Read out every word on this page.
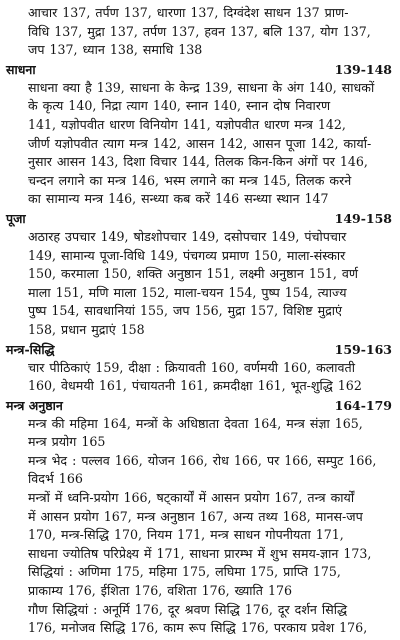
आचार 137, तर्पण 137, धारणा 137, दिग्वंदेश साधन 137 प्राण-
विधि 137, मुद्रा 137, तर्पण 137, हवन 137, बलि 137, योग 137,
जप 137, ध्यान 138, समाधि 138
साधना	139-148
साधना क्या है 139, साधना के केन्द्र 139, साधना के अंग 140, साधकों
के कृत्य 140, निद्रा त्याग 140, स्नान 140, स्नान दोष निवारण
141, यज्ञोपवीत धारण विनियोग 141, यज्ञोपवीत धारण मन्त्र 142,
जीर्ण यज्ञोपवीत त्याग मन्त्र 142, आसन 142, आसन पूजा 142, कार्या-
नुसार आसन 143, दिशा विचार 144, तिलक किन-किन अंगों पर 146,
चन्दन लगाने का मन्त्र 146, भस्म लगाने का मन्त्र 145, तिलक करने
का सामान्य मन्त्र 146, सन्ध्या कब करें 146 सन्ध्या स्थान 147
पूजा	149-158
अठारह उपचार 149, षोडशोपचार 149, दसोपचार 149, पंचोपचार
149, सामान्य पूजा-विधि 149, पंचगव्य प्रमाण 150, माला-संस्कार
150, करमाला 150, शक्ति अनुष्ठान 151, लक्ष्मी अनुष्ठान 151, वर्ण
माला 151, मणि माला 152, माला-चयन 154, पुष्प 154, त्याज्य
पुष्प 154, सावधानियां 155, जप 156, मुद्रा 157, विशिष्ट मुद्राएं
158, प्रधान मुद्राएं 158
मन्त्र-सिद्धि	159-163
चार पीठिकाएं 159, दीक्षा : क्रियावती 160, वर्णमयी 160, कलावती
160, वेधमयी 161, पंचायतनी 161, क्रमदीक्षा 161, भूत-शुद्धि 162
मन्त्र अनुष्ठान	164-179
मन्त्र की महिमा 164, मन्त्रों के अधिष्ठाता देवता 164, मन्त्र संज्ञा 165,
मन्त्र प्रयोग 165
मन्त्र भेद : पल्लव 166, योजन 166, रोध 166, पर 166, सम्पुट 166,
विदर्भ 166
मन्त्रों में ध्वनि-प्रयोग 166, षट्कार्यों में आसन प्रयोग 167, तन्त्र कार्यों
में आसन प्रयोग 167, मन्त्र अनुष्ठान 167, अन्य तथ्य 168, मानस-जप
170, मन्त्र-सिद्धि 170, नियम 171, मन्त्र साधन गोपनीयता 171,
साधना ज्योतिष परिप्रेक्ष्य में 171, साधना प्रारम्भ में शुभ समय-ज्ञान 173,
सिद्धियां : अणिमा 175, महिमा 175, लघिमा 175, प्राप्ति 175,
प्राकाम्य 176, ईशिता 176, वशिता 176, ख्याति 176
गौण सिद्धियां : अनूर्मि 176, दूर श्रवण सिद्धि 176, दूर दर्शन सिद्धि
176, मनोजव सिद्धि 176, काम रूप सिद्धि 176, परकाय प्रवेश 176,
